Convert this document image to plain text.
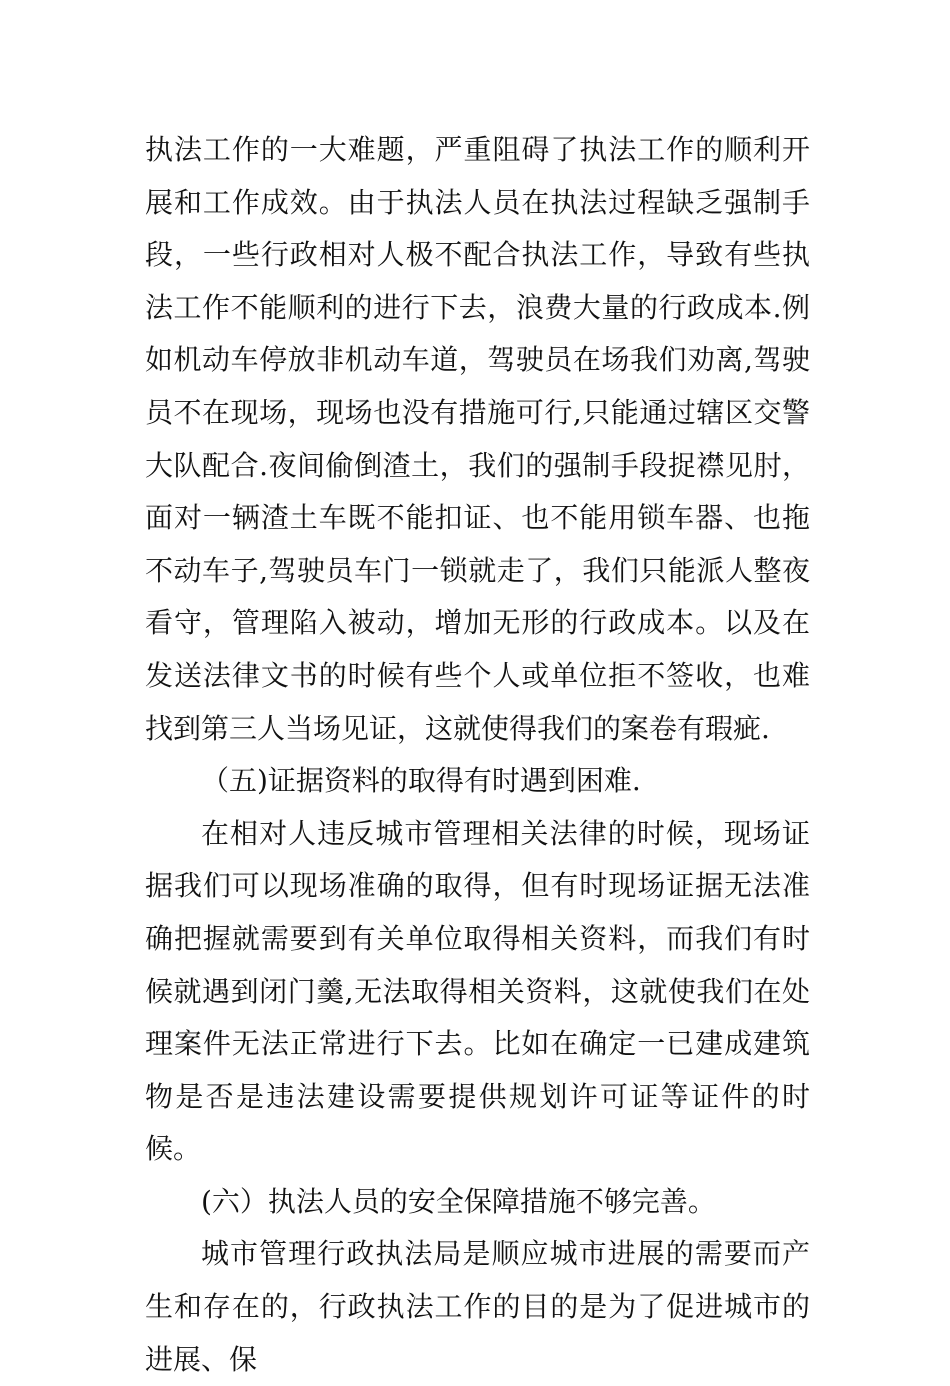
执法工作的一大难题，严重阻碍了执法工作的顺利开展和工作成效。由于执法人员在执法过程缺乏强制手段，一些行政相对人极不配合执法工作，导致有些执法工作不能顺利的进行下去，浪费大量的行政成本.例如机动车停放非机动车道，驾驶员在场我们劝离,驾驶员不在现场，现场也没有措施可行,只能通过辖区交警大队配合.夜间偷倒渣土，我们的强制手段捉襟见肘，面对一辆渣土车既不能扣证、也不能用锁车器、也拖不动车子,驾驶员车门一锁就走了，我们只能派人整夜看守，管理陷入被动，增加无形的行政成本。以及在发送法律文书的时候有些个人或单位拒不签收，也难找到第三人当场见证，这就使得我们的案卷有瑕疵.

（五)证据资料的取得有时遇到困难.

在相对人违反城市管理相关法律的时候，现场证据我们可以现场准确的取得，但有时现场证据无法准确把握就需要到有关单位取得相关资料，而我们有时候就遇到闭门羹,无法取得相关资料，这就使我们在处理案件无法正常进行下去。比如在确定一已建成建筑物是否是违法建设需要提供规划许可证等证件的时候。

(六）执法人员的安全保障措施不够完善。

城市管理行政执法局是顺应城市进展的需要而产生和存在的，行政执法工作的目的是为了促进城市的进展、保
